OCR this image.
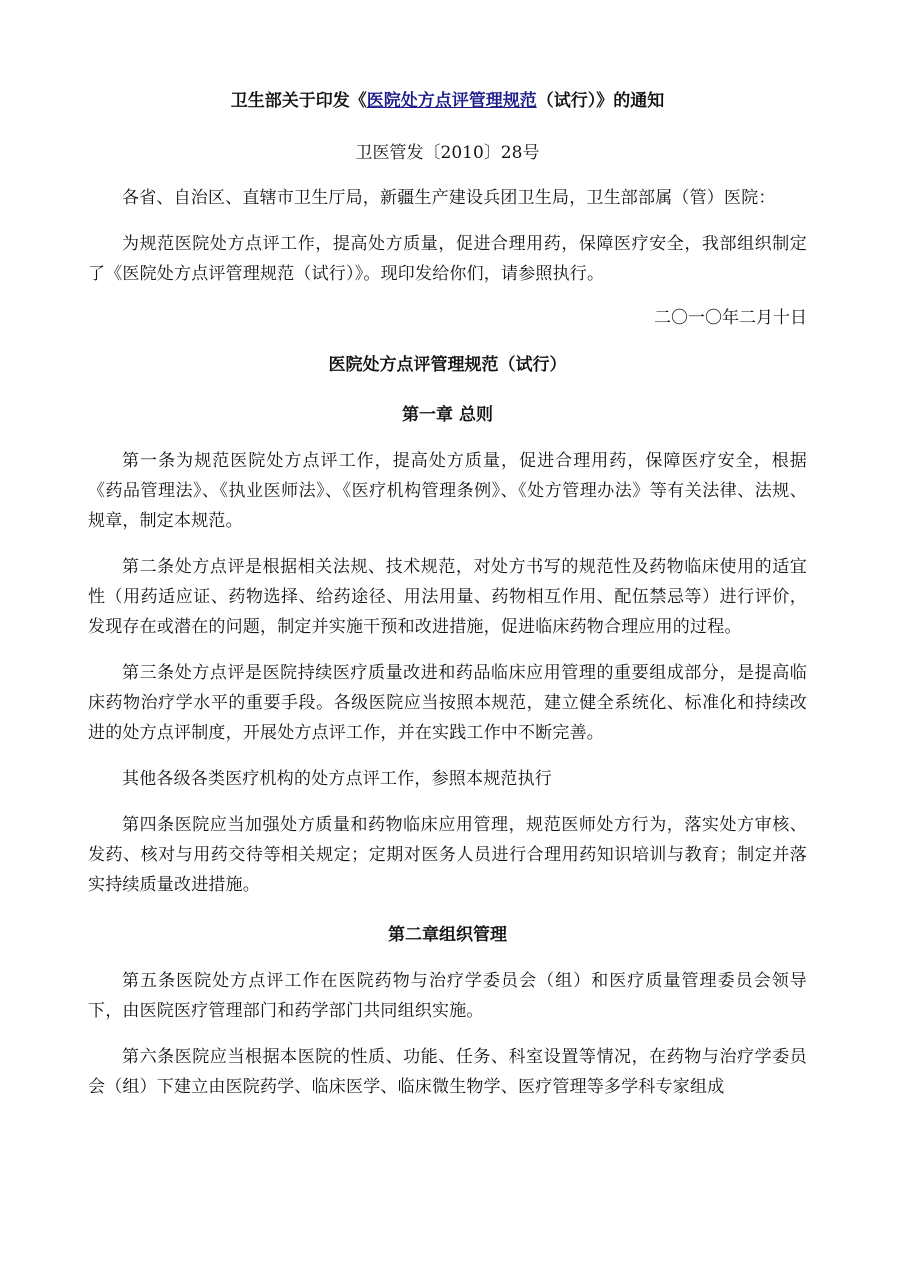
卫生部关于印发《医院处方点评管理规范（试行）》的通知
卫医管发〔2010〕28号

各省、自治区、直辖市卫生厅局，新疆生产建设兵团卫生局，卫生部部属（管）医院：

为规范医院处方点评工作，提高处方质量，促进合理用药，保障医疗安全，我部组织制定了《医院处方点评管理规范（试行）》。现印发给你们，请参照执行。

二〇一〇年二月十日
医院处方点评管理规范（试行）
第一章 总则

第一条为规范医院处方点评工作，提高处方质量，促进合理用药，保障医疗安全，根据《药品管理法》、《执业医师法》、《医疗机构管理条例》、《处方管理办法》等有关法律、法规、规章，制定本规范。

第二条处方点评是根据相关法规、技术规范，对处方书写的规范性及药物临床使用的适宜性（用药适应证、药物选择、给药途径、用法用量、药物相互作用、配伍禁忌等）进行评价，发现存在或潜在的问题，制定并实施干预和改进措施，促进临床药物合理应用的过程。

第三条处方点评是医院持续医疗质量改进和药品临床应用管理的重要组成部分，是提高临床药物治疗学水平的重要手段。各级医院应当按照本规范，建立健全系统化、标准化和持续改进的处方点评制度，开展处方点评工作，并在实践工作中不断完善。

其他各级各类医疗机构的处方点评工作，参照本规范执行

第四条医院应当加强处方质量和药物临床应用管理，规范医师处方行为，落实处方审核、发药、核对与用药交待等相关规定；定期对医务人员进行合理用药知识培训与教育；制定并落实持续质量改进措施。

第二章组织管理

第五条医院处方点评工作在医院药物与治疗学委员会（组）和医疗质量管理委员会领导下，由医院医疗管理部门和药学部门共同组织实施。

第六条医院应当根据本医院的性质、功能、任务、科室设置等情况，在药物与治疗学委员会（组）下建立由医院药学、临床医学、临床微生物学、医疗管理等多学科专家组成
